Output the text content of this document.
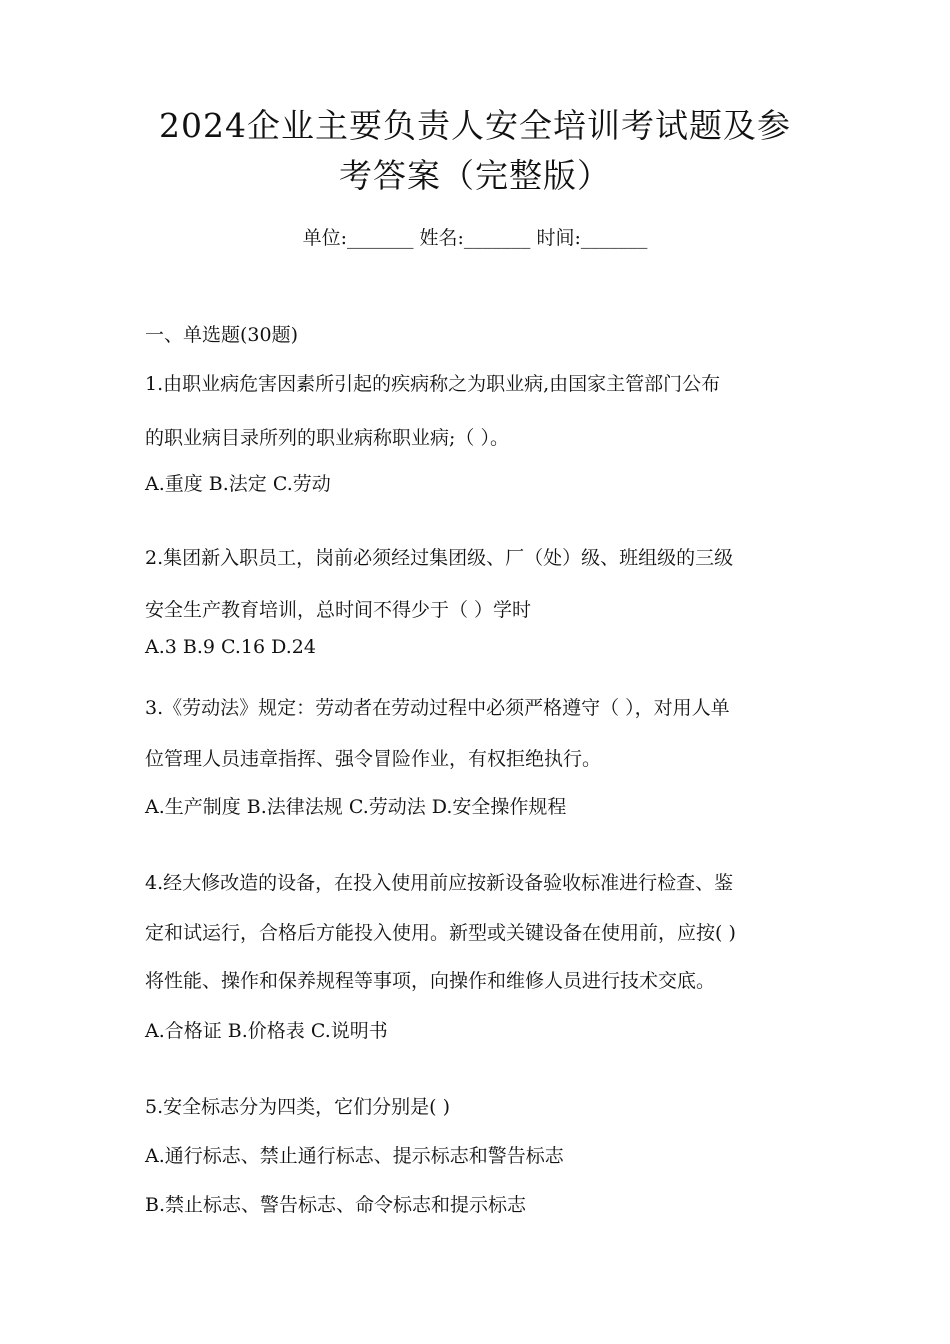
2024企业主要负责人安全培训考试题及参
考答案（完整版）
单位:_______ 姓名:_______ 时间:_______
一、单选题(30题)
1.由职业病危害因素所引起的疾病称之为职业病,由国家主管部门公布
的职业病目录所列的职业病称职业病;（ ）。
A.重度 B.法定 C.劳动
2.集团新入职员工，岗前必须经过集团级、厂（处）级、班组级的三级
安全生产教育培训，总时间不得少于（ ）学时
A.3 B.9 C.16 D.24
3.《劳动法》规定：劳动者在劳动过程中必须严格遵守（ ），对用人单
位管理人员违章指挥、强令冒险作业，有权拒绝执行。
A.生产制度 B.法律法规 C.劳动法 D.安全操作规程
4.经大修改造的设备，在投入使用前应按新设备验收标准进行检查、鉴
定和试运行，合格后方能投入使用。新型或关键设备在使用前，应按( )
将性能、操作和保养规程等事项，向操作和维修人员进行技术交底。
A.合格证 B.价格表 C.说明书
5.安全标志分为四类，它们分别是( )
A.通行标志、禁止通行标志、提示标志和警告标志
B.禁止标志、警告标志、命令标志和提示标志
